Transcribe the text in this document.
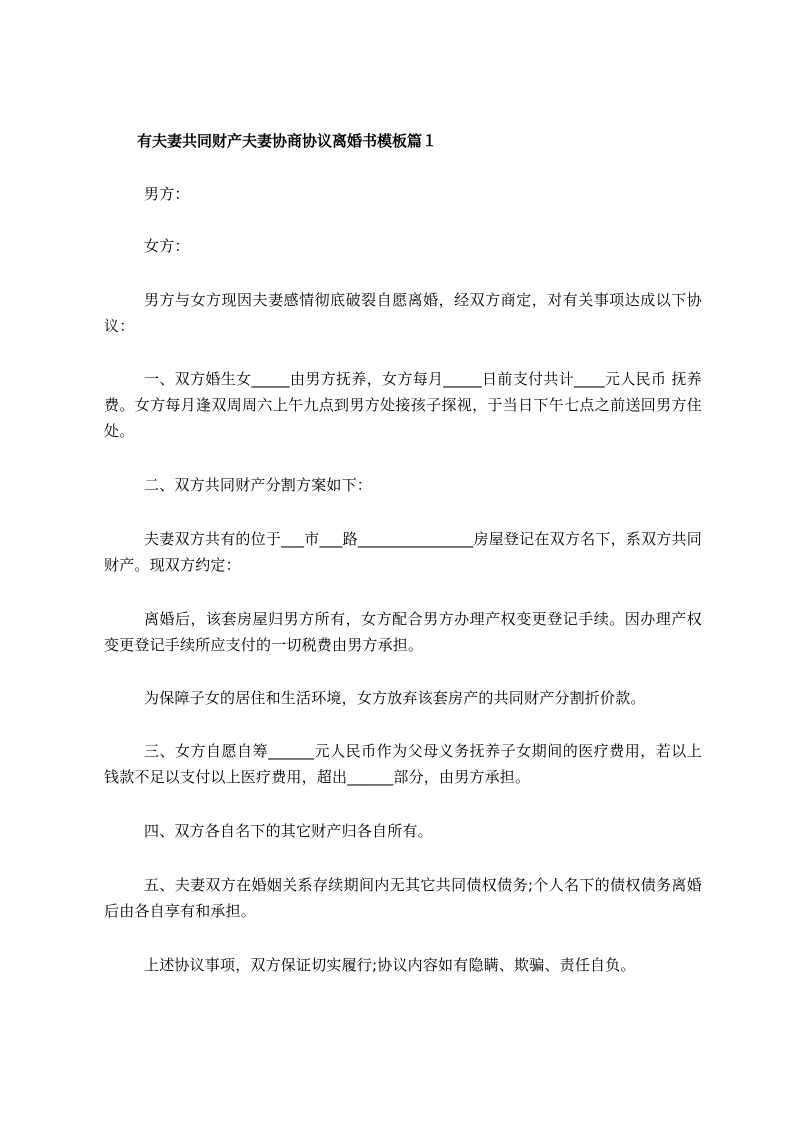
有夫妻共同财产夫妻协商协议离婚书模板篇１

男方：

女方：

男方与女方现因夫妻感情彻底破裂自愿离婚，经双方商定，对有关事项达成以下协议：

一、双方婚生女_____由男方抚养，女方每月_____日前支付共计____元人民币 抚养费。女方每月逢双周周六上午九点到男方处接孩子探视，于当日下午七点之前送回男方住处。

二、双方共同财产分割方案如下：

夫妻双方共有的位于___市___路_______________房屋登记在双方名下，系双方共同财产。现双方约定：

离婚后，该套房屋归男方所有，女方配合男方办理产权变更登记手续。因办理产权变更登记手续所应支付的一切税费由男方承担。

为保障子女的居住和生活环境，女方放弃该套房产的共同财产分割折价款。

三、女方自愿自筹______元人民币作为父母义务抚养子女期间的医疗费用，若以上钱款不足以支付以上医疗费用，超出______部分，由男方承担。

四、双方各自名下的其它财产归各自所有。

五、夫妻双方在婚姻关系存续期间内无其它共同债权债务;个人名下的债权债务离婚后由各自享有和承担。

上述协议事项，双方保证切实履行;协议内容如有隐瞒、欺骗、责任自负。
